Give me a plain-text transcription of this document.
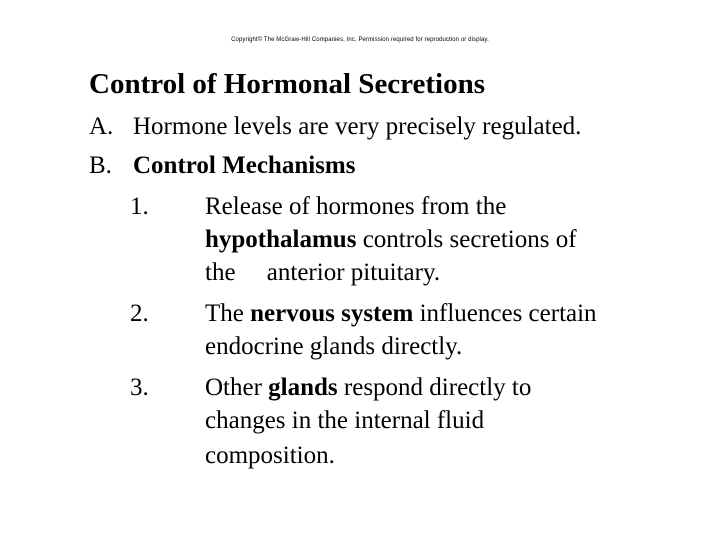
Copyright© The McGraw-Hill Companies, Inc. Permission required for reproduction or display.
Control of Hormonal Secretions
A. Hormone levels are very precisely regulated.
B. Control Mechanisms
1. Release of hormones from the
hypothalamus controls secretions of
the     anterior pituitary.
2. The nervous system influences certain
endocrine glands directly.
3. Other glands respond directly to
changes in the internal fluid
composition.
